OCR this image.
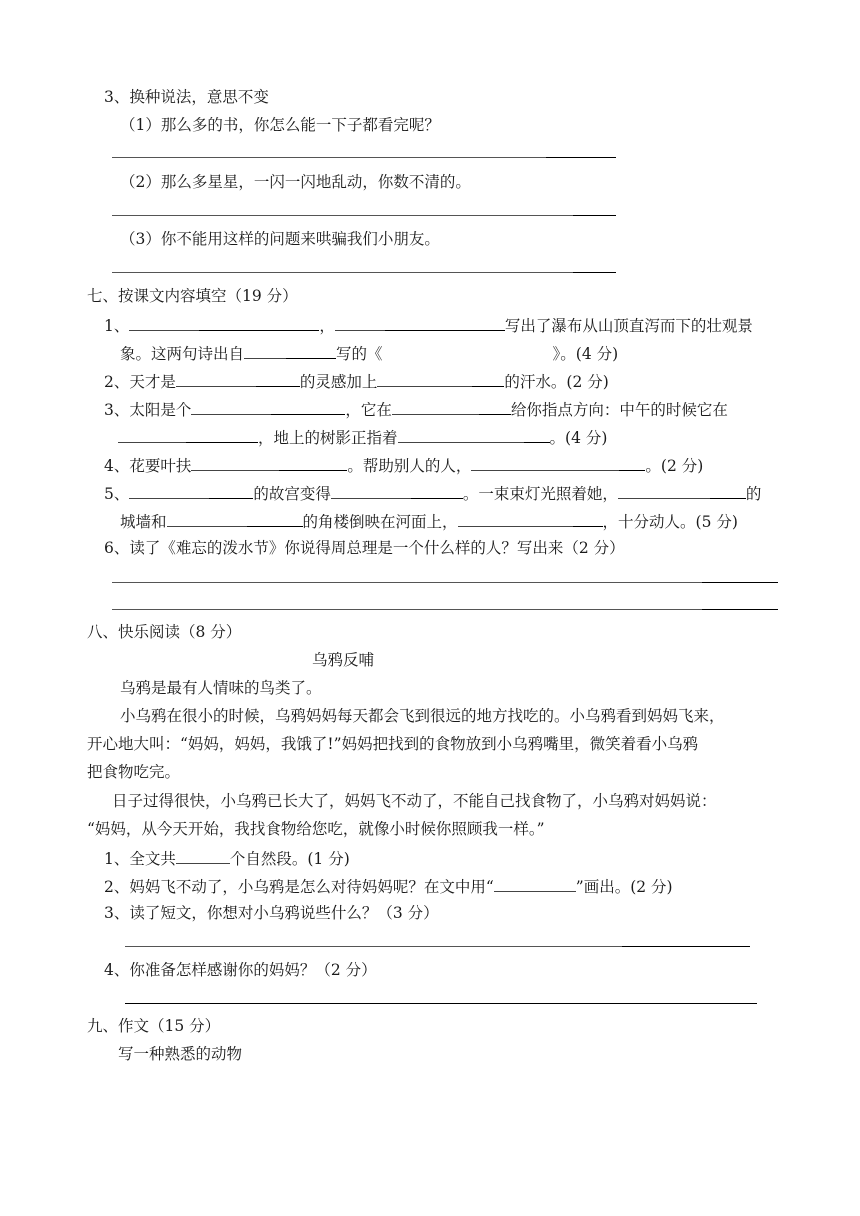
3、换种说法，意思不变
（1）那么多的书，你怎么能一下子都看完呢？
（2）那么多星星，一闪一闪地乱动，你数不清的。
（3）你不能用这样的问题来哄骗我们小朋友。
七、按课文内容填空（19 分）
1、	，	写出了瀑布从山顶直泻而下的壮观景
象。这两句诗出自	写的《	》。(4 分)
2、天才是	的灵感加上	的汗水。(2 分)
3、太阳是个	，它在	给你指点方向：中午的时候它在
，地上的树影正指着	。(4 分)
4、花要叶扶	。帮助别人的人，	。(2 分)
5、	的故宫变得	。一束束灯光照着她，	的
城墙和	的角楼倒映在河面上，	，十分动人。(5 分)
6、读了《难忘的泼水节》你说得周总理是一个什么样的人？写出来（2 分）
八、快乐阅读（8 分）
乌鸦反哺
乌鸦是最有人情味的鸟类了。
小乌鸦在很小的时候，乌鸦妈妈每天都会飞到很远的地方找吃的。小乌鸦看到妈妈飞来，
开心地大叫：“妈妈，妈妈，我饿了!”妈妈把找到的食物放到小乌鸦嘴里，微笑着看小乌鸦
把食物吃完。
日子过得很快，小乌鸦已长大了，妈妈飞不动了，不能自己找食物了，小乌鸦对妈妈说：
“妈妈，从今天开始，我找食物给您吃，就像小时候你照顾我一样。”
1、全文共	个自然段。(1 分)
2、妈妈飞不动了，小乌鸦是怎么对待妈妈呢？在文中用“	”画出。(2 分)
3、读了短文，你想对小乌鸦说些什么？（3 分）
4、你准备怎样感谢你的妈妈？（2 分）
九、作文（15 分）
写一种熟悉的动物
